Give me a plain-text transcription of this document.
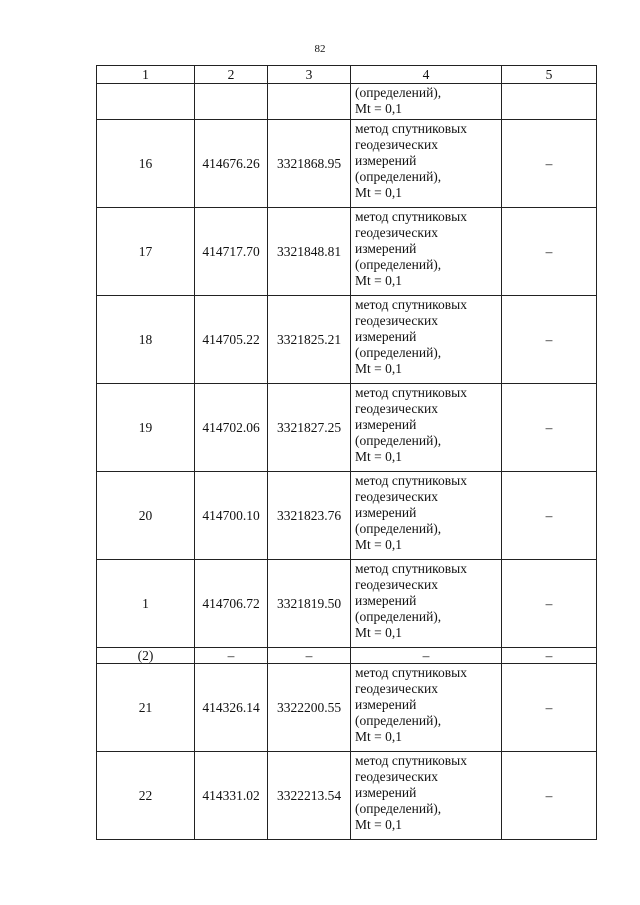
82
1	2	3	4	5

			(определений),
Mt = 0,1	

16	414676.26	3321868.95	метод спутниковых
геодезических
измерений
(определений),
Mt = 0,1	–
17	414717.70	3321848.81	метод спутниковых
геодезических
измерений
(определений),
Mt = 0,1	–
18	414705.22	3321825.21	метод спутниковых
геодезических
измерений
(определений),
Mt = 0,1	–
19	414702.06	3321827.25	метод спутниковых
геодезических
измерений
(определений),
Mt = 0,1	–
20	414700.10	3321823.76	метод спутниковых
геодезических
измерений
(определений),
Mt = 0,1	–
1	414706.72	3321819.50	метод спутниковых
геодезических
измерений
(определений),
Mt = 0,1	–
(2)	–	–	–	–
21	414326.14	3322200.55	метод спутниковых
геодезических
измерений
(определений),
Mt = 0,1	–
22	414331.02	3322213.54	метод спутниковых
геодезических
измерений
(определений),
Mt = 0,1	–
